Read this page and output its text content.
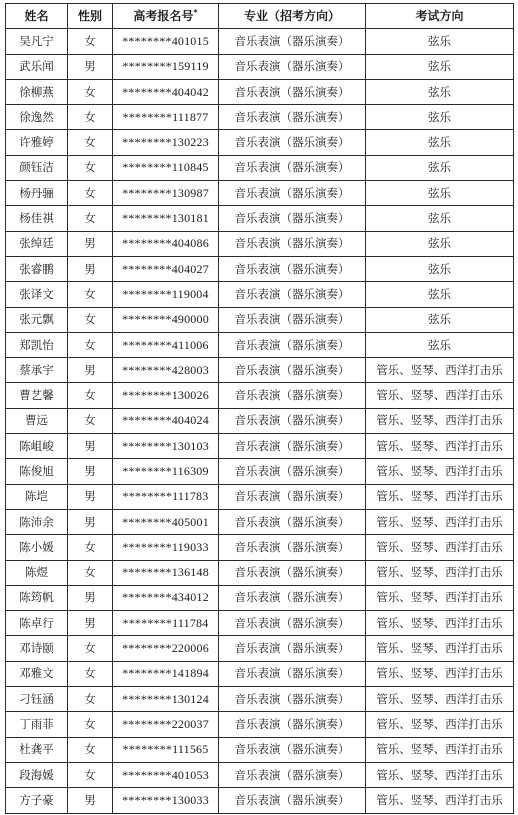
姓名	性别	高考报名号*	专业（招考方向）	考试方向
吴凡宁	女	********401015	音乐表演（器乐演奏）	弦乐
武乐闻	男	********159119	音乐表演（器乐演奏）	弦乐
徐柳燕	女	********404042	音乐表演（器乐演奏）	弦乐
徐逸然	女	********111877	音乐表演（器乐演奏）	弦乐
许雅婷	女	********130223	音乐表演（器乐演奏）	弦乐
颜钰洁	女	********110845	音乐表演（器乐演奏）	弦乐
杨丹骊	女	********130987	音乐表演（器乐演奏）	弦乐
杨佳祺	女	********130181	音乐表演（器乐演奏）	弦乐
张绰廷	男	********404086	音乐表演（器乐演奏）	弦乐
张睿鹏	男	********404027	音乐表演（器乐演奏）	弦乐
张译文	女	********119004	音乐表演（器乐演奏）	弦乐
张元飘	女	********490000	音乐表演（器乐演奏）	弦乐
郑凯怡	女	********411006	音乐表演（器乐演奏）	弦乐
蔡承宇	男	********428003	音乐表演（器乐演奏）	管乐、竖琴、西洋打击乐
曹艺馨	女	********130026	音乐表演（器乐演奏）	管乐、竖琴、西洋打击乐
曹远	女	********404024	音乐表演（器乐演奏）	管乐、竖琴、西洋打击乐
陈岨峻	男	********130103	音乐表演（器乐演奏）	管乐、竖琴、西洋打击乐
陈俊旭	男	********116309	音乐表演（器乐演奏）	管乐、竖琴、西洋打击乐
陈垲	男	********111783	音乐表演（器乐演奏）	管乐、竖琴、西洋打击乐
陈沛余	男	********405001	音乐表演（器乐演奏）	管乐、竖琴、西洋打击乐
陈小媛	女	********119033	音乐表演（器乐演奏）	管乐、竖琴、西洋打击乐
陈煜	女	********136148	音乐表演（器乐演奏）	管乐、竖琴、西洋打击乐
陈筠帆	男	********434012	音乐表演（器乐演奏）	管乐、竖琴、西洋打击乐
陈卓行	男	********111784	音乐表演（器乐演奏）	管乐、竖琴、西洋打击乐
邓诗颐	女	********220006	音乐表演（器乐演奏）	管乐、竖琴、西洋打击乐
邓雅文	女	********141894	音乐表演（器乐演奏）	管乐、竖琴、西洋打击乐
刁钰涵	女	********130124	音乐表演（器乐演奏）	管乐、竖琴、西洋打击乐
丁雨菲	女	********220037	音乐表演（器乐演奏）	管乐、竖琴、西洋打击乐
杜龚平	女	********111565	音乐表演（器乐演奏）	管乐、竖琴、西洋打击乐
段海媛	女	********401053	音乐表演（器乐演奏）	管乐、竖琴、西洋打击乐
方子豪	男	********130033	音乐表演（器乐演奏）	管乐、竖琴、西洋打击乐
